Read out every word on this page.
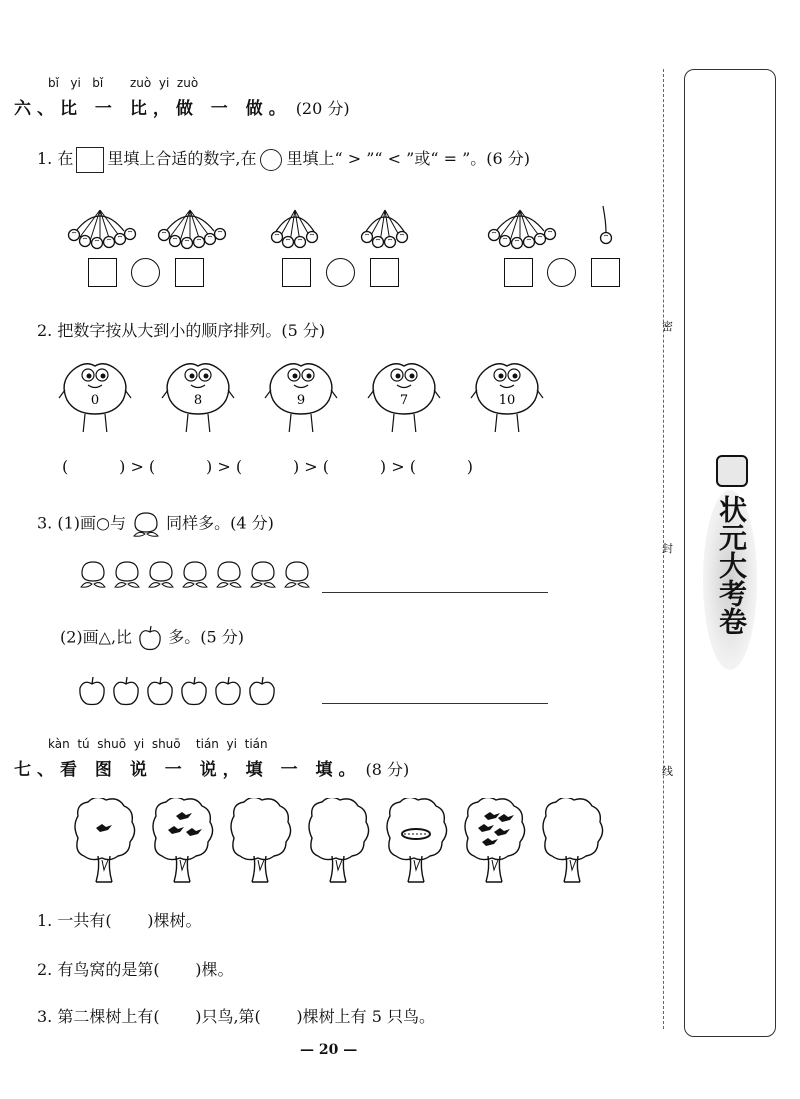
bǐ yi bǐ zuò yi zuò
六、比 一 比，做 一 做。 (20 分)
1. 在 里填上合适的数字,在 里填上“ > ”“ < ”或“ = ”。(6 分)
2. 把数字按从大到小的顺序排列。(5 分)
0	8	9	7	10
(          ) > (          ) > (          ) > (          ) > (          )
3. (1)画○与	同样多。(4 分)
(2)画△,比 多。(5 分)
kàn tú shuō yi shuō tián yi tián
七、看 图 说 一 说，填 一 填。 (8 分)
1. 一共有(       )棵树。
2. 有鸟窝的是第(       )棵。
3. 第二棵树上有(       )只鸟,第(       )棵树上有 5 只鸟。
— 20 —
密
封
线
状元大考卷
